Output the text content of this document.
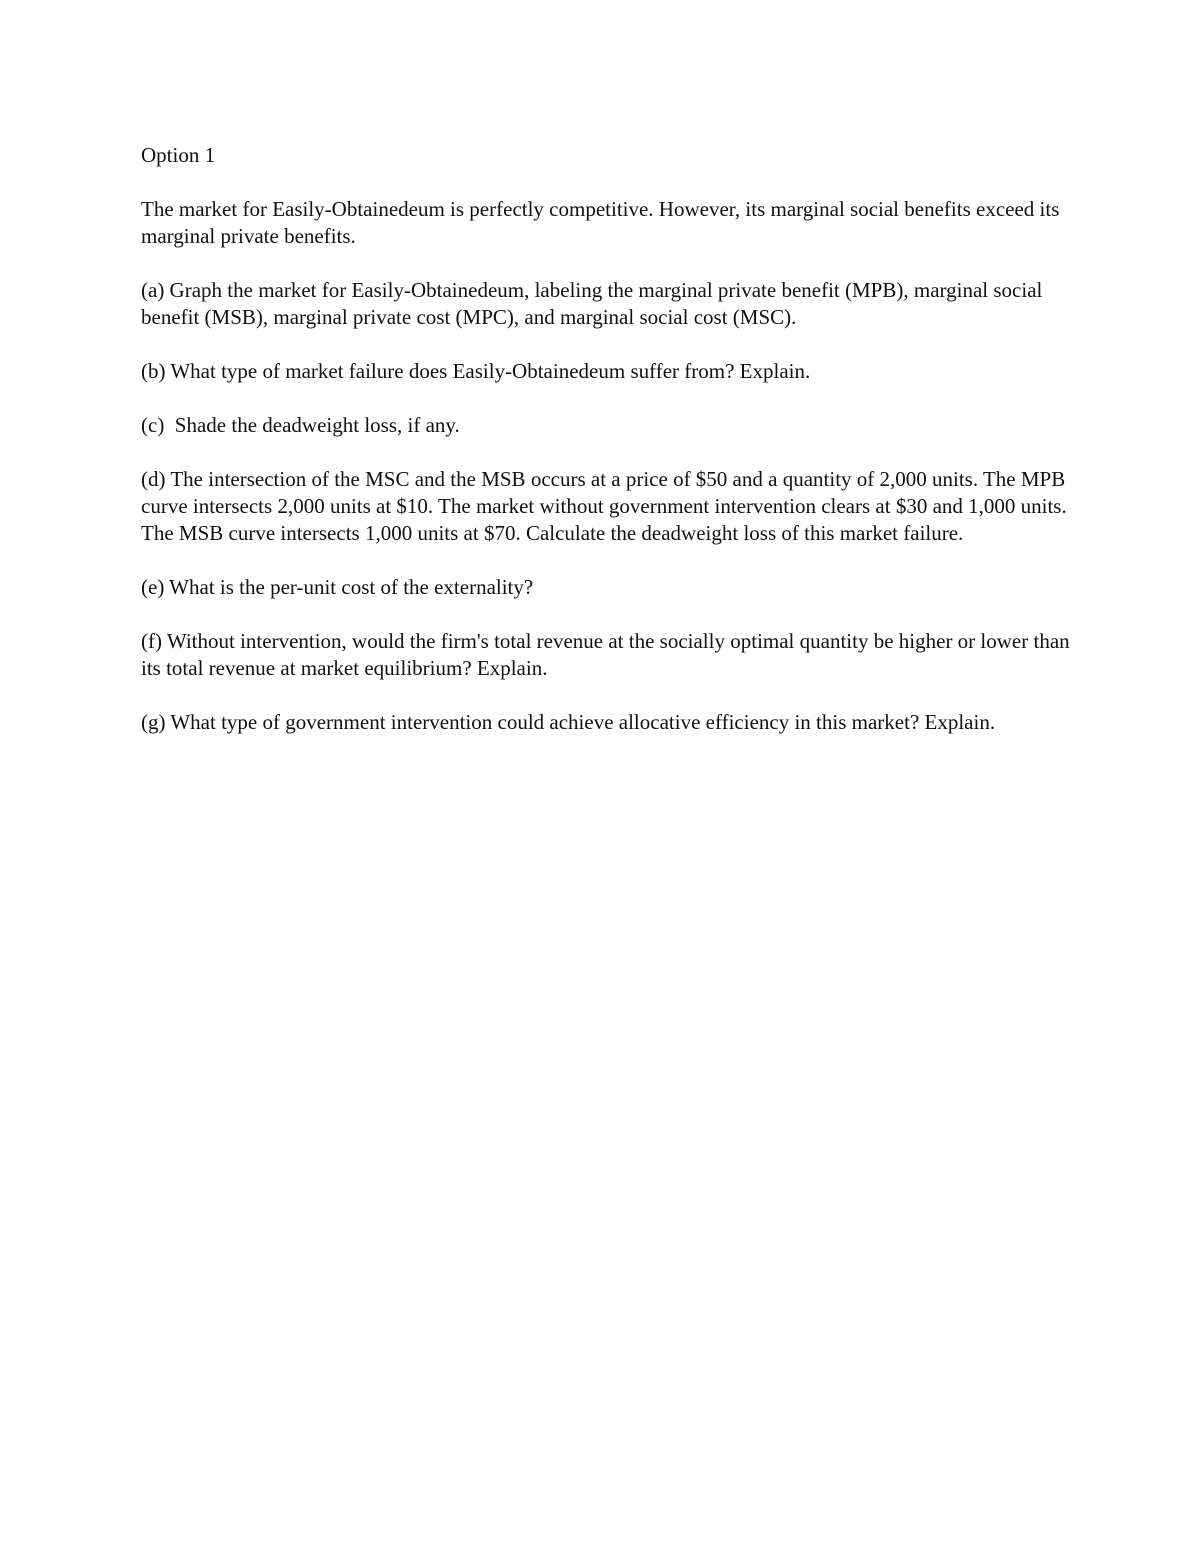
Option 1

The market for Easily-Obtainedeum is perfectly competitive. However, its marginal social benefits exceed its marginal private benefits.

(a) Graph the market for Easily-Obtainedeum, labeling the marginal private benefit (MPB), marginal social benefit (MSB), marginal private cost (MPC), and marginal social cost (MSC).

(b) What type of market failure does Easily-Obtainedeum suffer from? Explain.

(c)  Shade the deadweight loss, if any.

(d) The intersection of the MSC and the MSB occurs at a price of $50 and a quantity of 2,000 units. The MPB curve intersects 2,000 units at $10. The market without government intervention clears at $30 and 1,000 units. The MSB curve intersects 1,000 units at $70. Calculate the deadweight loss of this market failure.

(e) What is the per-unit cost of the externality?

(f) Without intervention, would the firm's total revenue at the socially optimal quantity be higher or lower than its total revenue at market equilibrium? Explain.

(g) What type of government intervention could achieve allocative efficiency in this market? Explain.
